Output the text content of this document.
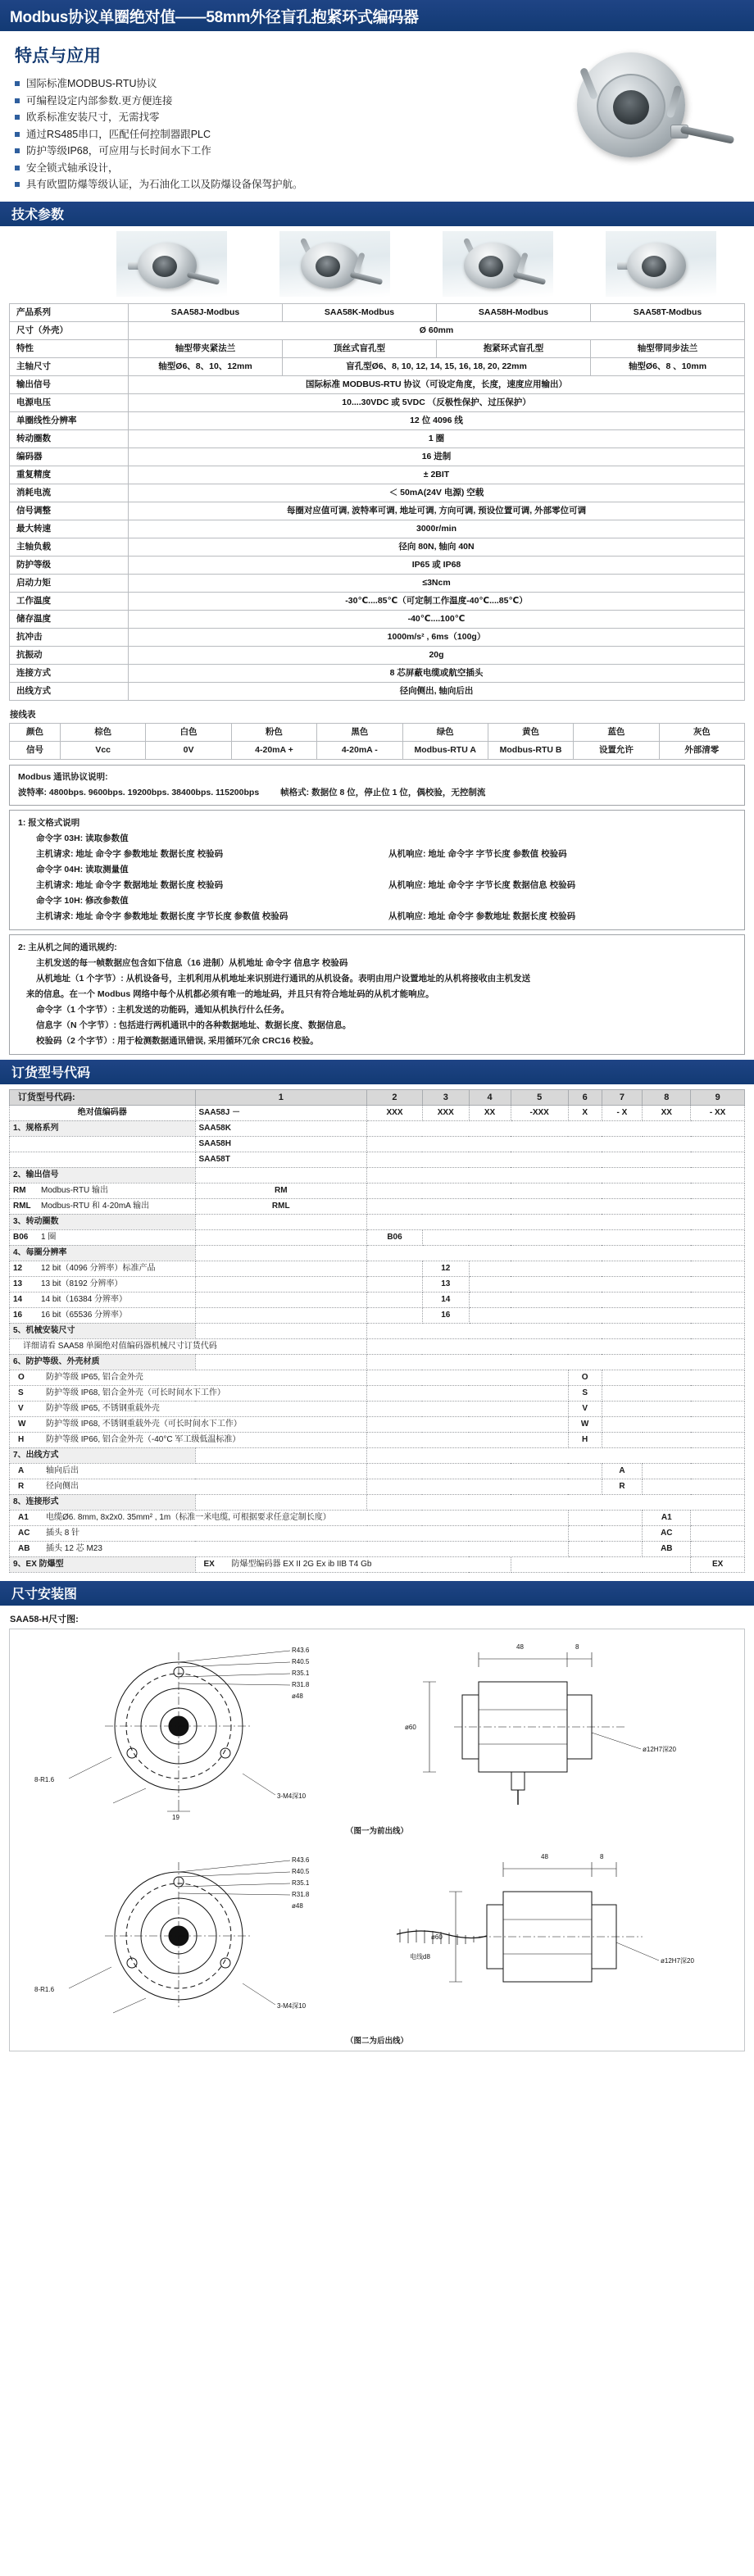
Modbus协议单圈绝对值——58mm外径盲孔抱紧环式编码器
特点与应用
国际标准MODBUS-RTU协议
可编程设定内部参数.更方便连接
欧系标准安装尺寸，无需找零
通过RS485串口，匹配任何控制器跟PLC
防护等级IP68，可应用与长时间水下工作
安全锁式轴承设计，
具有欧盟防爆等级认证，为石油化工以及防爆设备保驾护航。
技术参数
产品系列	SAA58J-Modbus	SAA58K-Modbus	SAA58H-Modbus	SAA58T-Modbus
尺寸（外壳）	Ø 60mm			
特性	轴型带夹紧法兰	顶丝式盲孔型	抱紧环式盲孔型	轴型带同步法兰
主轴尺寸	轴型Ø6、8、10、12mm	盲孔型Ø6、8, 10, 12, 14, 15, 16, 18, 20, 22mm		轴型Ø6、8 、10mm
输出信号	国际标准 MODBUS-RTU 协议（可设定角度，长度，速度应用输出）			
电源电压	10....30VDC 或 5VDC （反极性保护、过压保护）			
单圈线性分辨率	12 位 4096 线			
转动圈数	1 圈			
编码器	16 进制			
重复精度	± 2BIT			
消耗电流	＜ 50mA(24V 电源) 空载			
信号调整	每圈对应值可调, 波特率可调, 地址可调, 方向可调, 预设位置可调, 外部零位可调			
最大转速	3000r/min			
主轴负载	径向 80N, 轴向 40N			
防护等级	IP65 或 IP68			
启动力矩	≤3Ncm			
工作温度	-30℃....85℃（可定制工作温度-40℃....85℃）			
储存温度	-40℃....100℃			
抗冲击	1000m/s² , 6ms（100g）			
抗振动	20g			
连接方式	8 芯屏蔽电缆或航空插头			
出线方式	径向侧出, 轴向后出			
接线表
颜色	棕色	白色	粉色	黑色	绿色	黄色	蓝色	灰色
信号	Vcc	0V	4-20mA +	4-20mA -	Modbus-RTU A	Modbus-RTU B	设置允许	外部清零
Modbus 通讯协议说明:
波特率: 4800bps. 9600bps. 19200bps. 38400bps. 115200bps 帧格式: 数据位 8 位，停止位 1 位，偶校验，无控制流
1: 报文格式说明
命令字 03H: 读取参数值
主机请求: 地址 命令字 参数地址 数据长度 校验码	从机响应: 地址 命令字 字节长度 参数值 校验码
命令字 04H: 读取测量值
主机请求: 地址 命令字 数据地址 数据长度 校验码	从机响应: 地址 命令字 字节长度 数据信息 校验码
命令字 10H: 修改参数值
主机请求: 地址 命令字 参数地址 数据长度 字节长度 参数值 校验码	从机响应: 地址 命令字 参数地址 数据长度 校验码
2: 主从机之间的通讯规约:
主机发送的每一帧数据应包含如下信息（16 进制）从机地址 命令字 信息字 校验码
从机地址（1 个字节）: 从机设备号，主机利用从机地址来识别进行通讯的从机设备。表明由用户设置地址的从机将接收由主机发送
来的信息。在一个 Modbus 网络中每个从机都必须有唯一的地址码，并且只有符合地址码的从机才能响应。
命令字（1 个字节）: 主机发送的功能码，通知从机执行什么任务。
信息字（N 个字节）: 包括进行两机通讯中的各种数据地址、数据长度、数据信息。
校验码（2 个字节）: 用于检测数据通讯错误, 采用循环冗余 CRC16 校验。
订货型号代码
订货型号代码:	1	2	3	4	5	6	7	8	9
绝对值编码器	SAA58J －	XXX	XXX	XX	-XXX	X	- X	XX	- XX
1、规格系列	SAA58K								
	SAA58H								
	SAA58T								
2、输出信号									
RM Modbus-RTU 输出	RM								
RML Modbus-RTU 和 4-20mA 输出	RML								
3、转动圈数									
B06 1 圈		B06							
4、每圈分辨率									
12 12 bit（4096 分辨率）标准产品			12						
13 13 bit（8192 分辨率）			13						
14 14 bit（16384 分辨率）			14						
16 16 bit（65536 分辨率）			16						
5、机械安装尺寸									
详细请看 SAA58 单圈绝对值编码器机械尺寸订货代码									
6、防护等级、外壳材质									
O 防护等级 IP65, 铝合金外壳						O			
S 防护等级 IP68, 铝合金外壳（可长时间水下工作）						S			
V 防护等级 IP65, 不锈钢重载外壳						V			
W 防护等级 IP68, 不锈钢重载外壳（可长时间水下工作）						W			
H 防护等级 IP66, 铝合金外壳（-40°C 军工级低温标准）						H			
7、出线方式									
A 轴向后出							A		
R 径向侧出							R		
8、连接形式									
A1 电缆Ø6. 8mm, 8x2x0. 35mm² , 1m（标准一米电缆, 可根据要求任意定制长度）								A1	
AC 插头 8 针								AC	
AB 插头 12 芯 M23								AB	
9、EX 防爆型	EX 防爆型编码器 EX II 2G Ex ib IIB T4 Gb								EX
尺寸安装图
SAA58-H尺寸图:
R43.6
R40.5
R35.1
R31.8
ø48
8-R1.6
3-M4深10
19
48	8
ø60
ø12H7深20
（图一为前出线）
R43.6
R40.5
R35.1
R31.8
ø48
8-R1.6
3-M4深10
48	8
ø60
ø12H7深20
电线d8
（图二为后出线）
